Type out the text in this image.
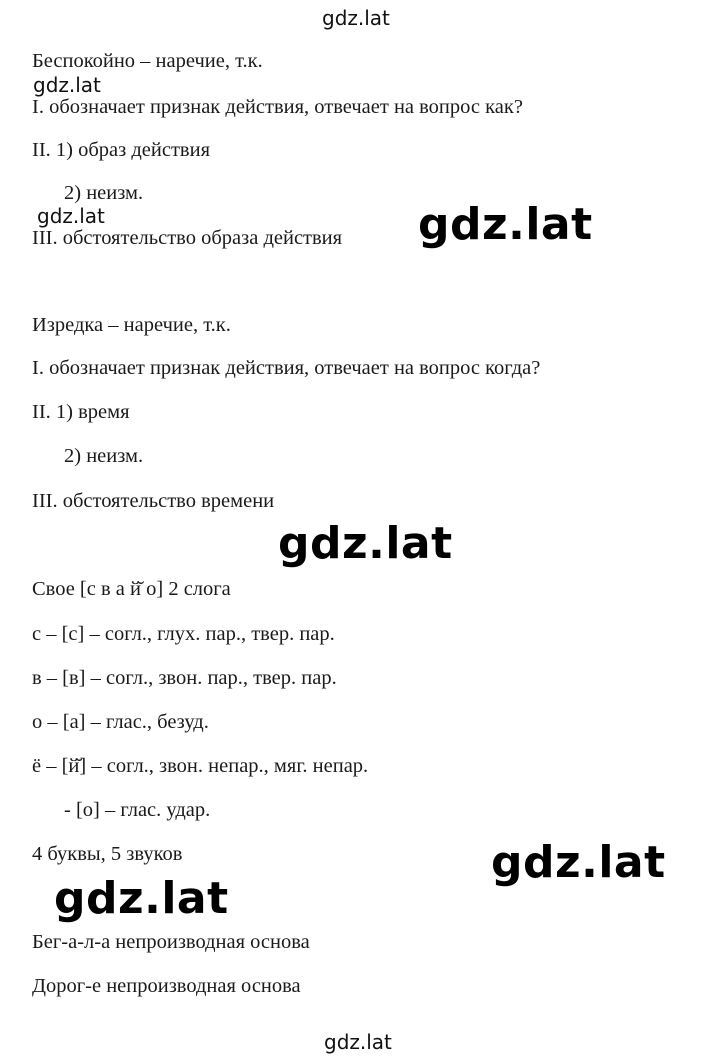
gdz.lat
gdz.lat
gdz.lat	gdz.lat
gdz.lat
gdz.lat
gdz.lat
gdz.lat
Беспокойно – наречие, т.к.
I. обозначает признак действия, отвечает на вопрос как?
II. 1) образ действия
2) неизм.
III. обстоятельство образа действия
Изредка – наречие, т.к.
I. обозначает признак действия, отвечает на вопрос когда?
II. 1) время
2) неизм.
III. обстоятельство времени
Свое [с в а й̆ о] 2 слога
с – [с] – согл., глух. пар., твер. пар.
в – [в] – согл., звон. пар., твер. пар.
о – [а] – глас., безуд.
ё – [й̆] – согл., звон. непар., мяг. непар.
- [о] – глас. удар.
4 буквы, 5 звуков
Бег-а-л-а непроизводная основа
Дорог-е непроизводная основа
